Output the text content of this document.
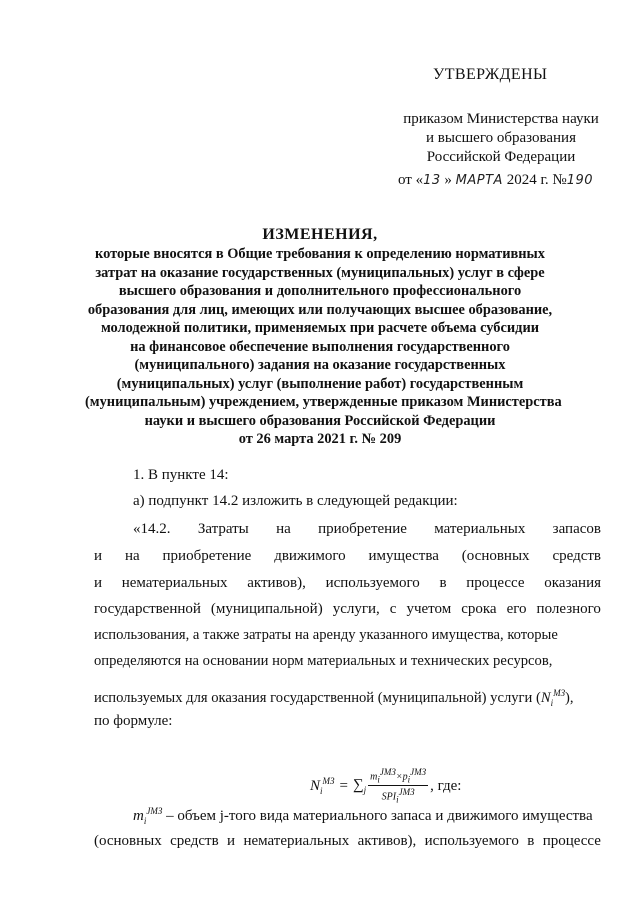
УТВЕРЖДЕНЫ
приказом Министерства науки
и высшего образования
Российской Федерации
от «13 » МАРТА 2024 г. №190
ИЗМЕНЕНИЯ,
которые вносятся в Общие требования к определению нормативных
затрат на оказание государственных (муниципальных) услуг в сфере
высшего образования и дополнительного профессионального
образования для лиц, имеющих или получающих высшее образование,
молодежной политики, применяемых при расчете объема субсидии
на финансовое обеспечение выполнения государственного
(муниципального) задания на оказание государственных
(муниципальных) услуг (выполнение работ) государственным
(муниципальным) учреждением, утвержденные приказом Министерства
науки и высшего образования Российской Федерации
от 26 марта 2021 г. № 209
1. В пункте 14:
а) подпункт 14.2 изложить в следующей редакции:
«14.2. Затраты на приобретение материальных запасов
и на приобретение движимого имущества (основных средств
и нематериальных активов), используемого в процессе оказания
государственной (муниципальной) услуги, с учетом срока его полезного
использования, а также затраты на аренду указанного имущества, которые
определяются на основании норм материальных и технических ресурсов,
используемых для оказания государственной (муниципальной) услуги $(N_i^{МЗ})$,
по формуле:
$N_i^{МЗ} = \sum_j \frac{m_i^{JМЗ}\times p_i^{JМЗ}}{SPI_i^{JМЗ}}$ , где:
$m_i^{JМЗ}$ – объем j-того вида материального запаса и движимого имущества
(основных средств и нематериальных активов), используемого в процессе
